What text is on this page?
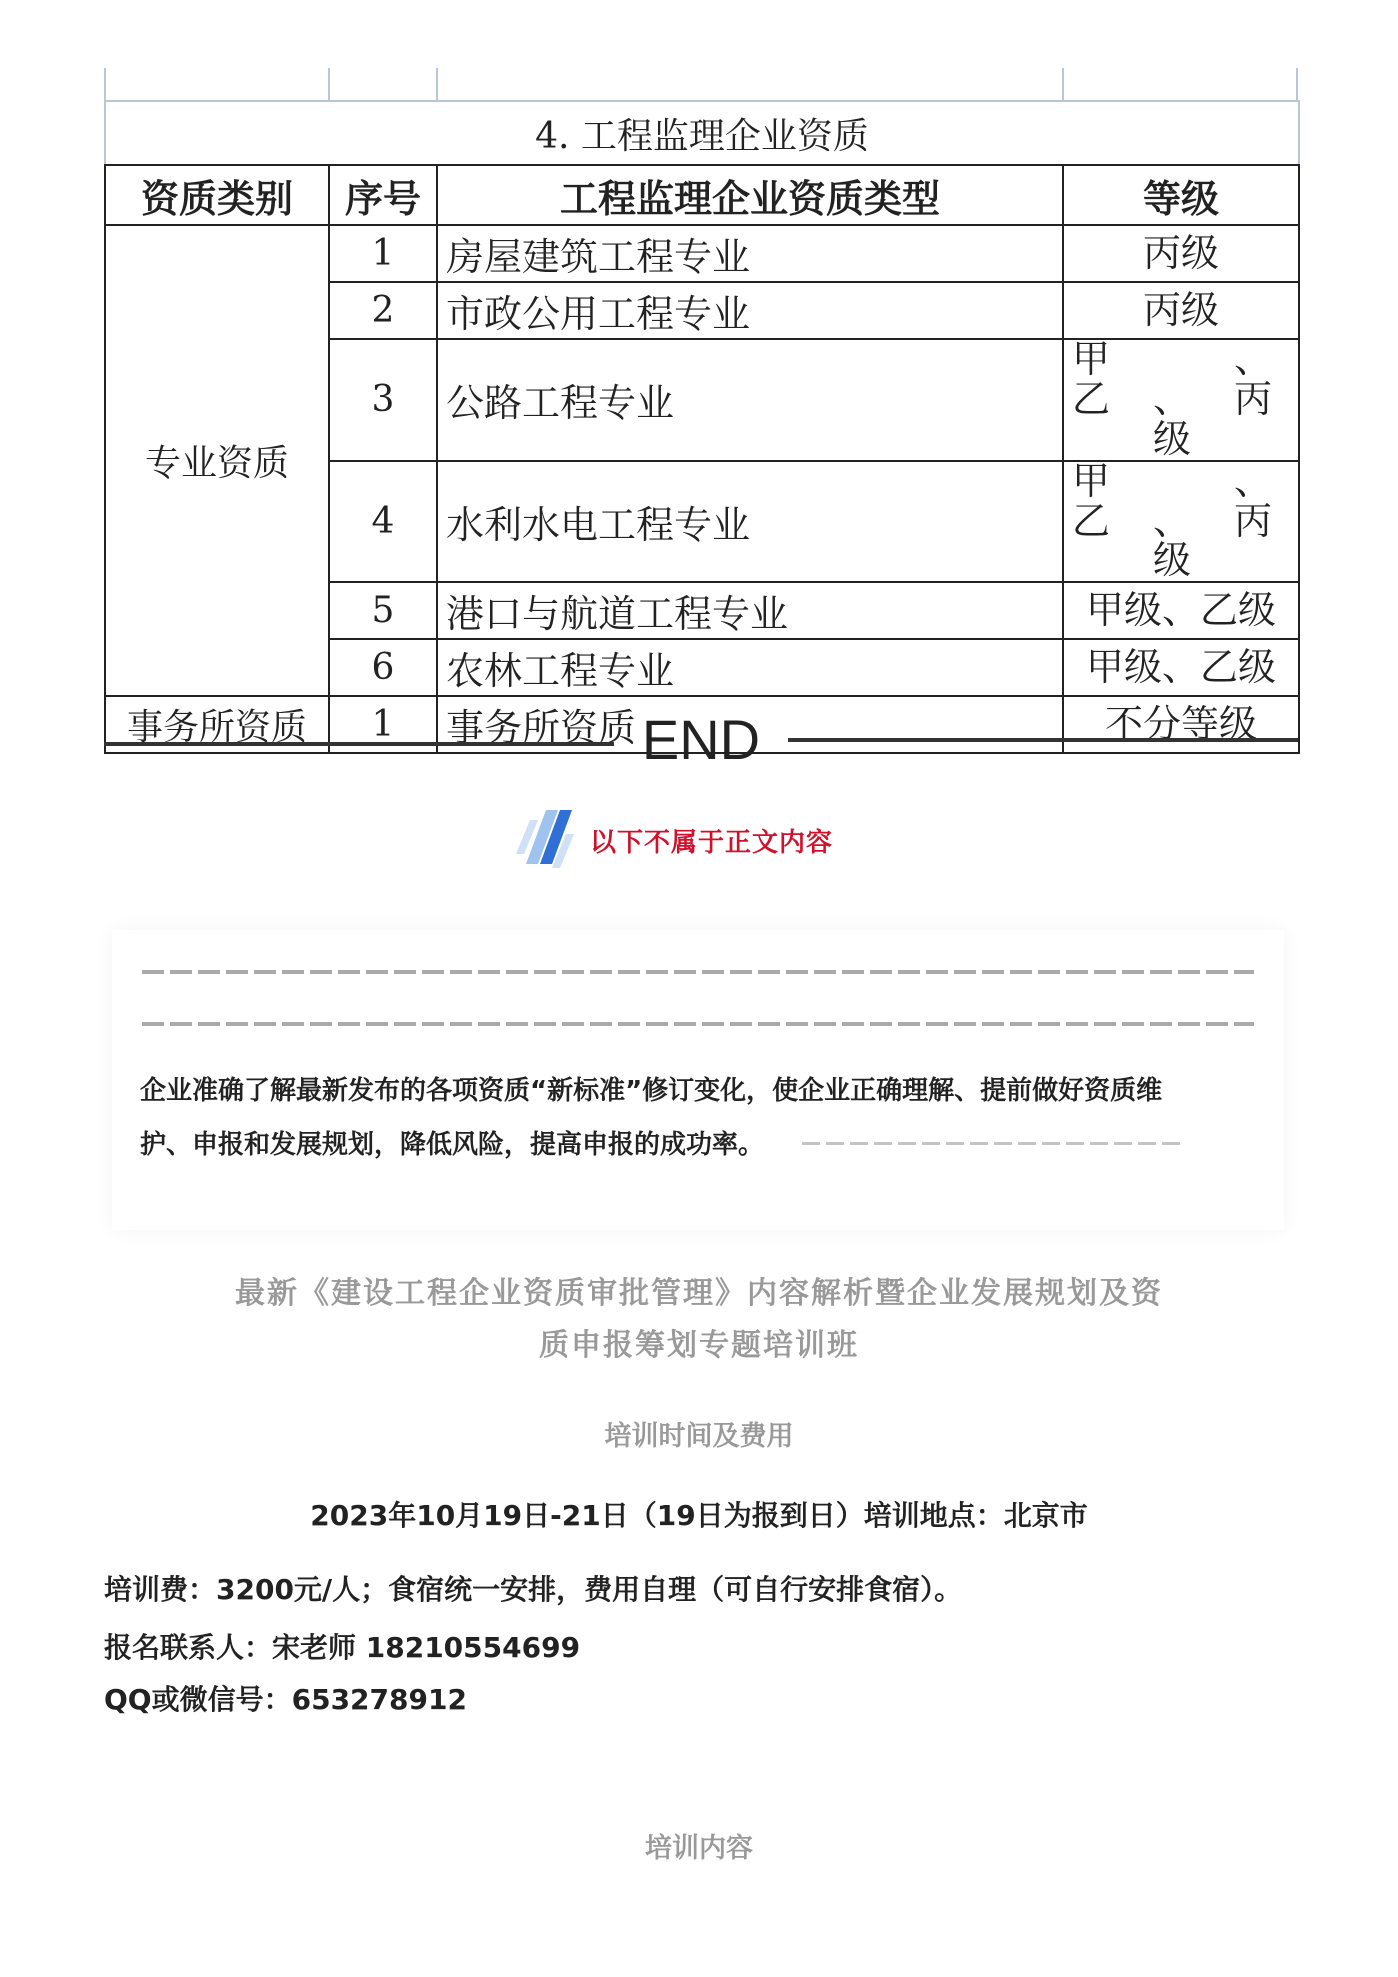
4. 工程监理企业资质			
资质类别	序号	工程监理企业资质类型	等级
专业资质	1	房屋建筑工程专业	丙级
	2	市政公用工程专业	丙级
	3	公路工程专业	甲、乙、丙级
	4	水利水电工程专业	甲、乙、丙级
	5	港口与航道工程专业	甲级、乙级
	6	农林工程专业	甲级、乙级
事务所资质	1	事务所资质	不分等级
END
以下不属于正文内容
企业准确了解最新发布的各项资质“新标准”修订变化，使企业正确理解、提前做好资质维
护、申报和发展规划，降低风险，提高申报的成功率。
最新《建设工程企业资质审批管理》内容解析暨企业发展规划及资
质申报筹划专题培训班
培训时间及费用
2023年10月19日-21日（19日为报到日）培训地点：北京市
培训费：3200元/人；食宿统一安排，费用自理（可自行安排食宿）。
报名联系人：宋老师 18210554699
QQ或微信号：653278912
培训内容
